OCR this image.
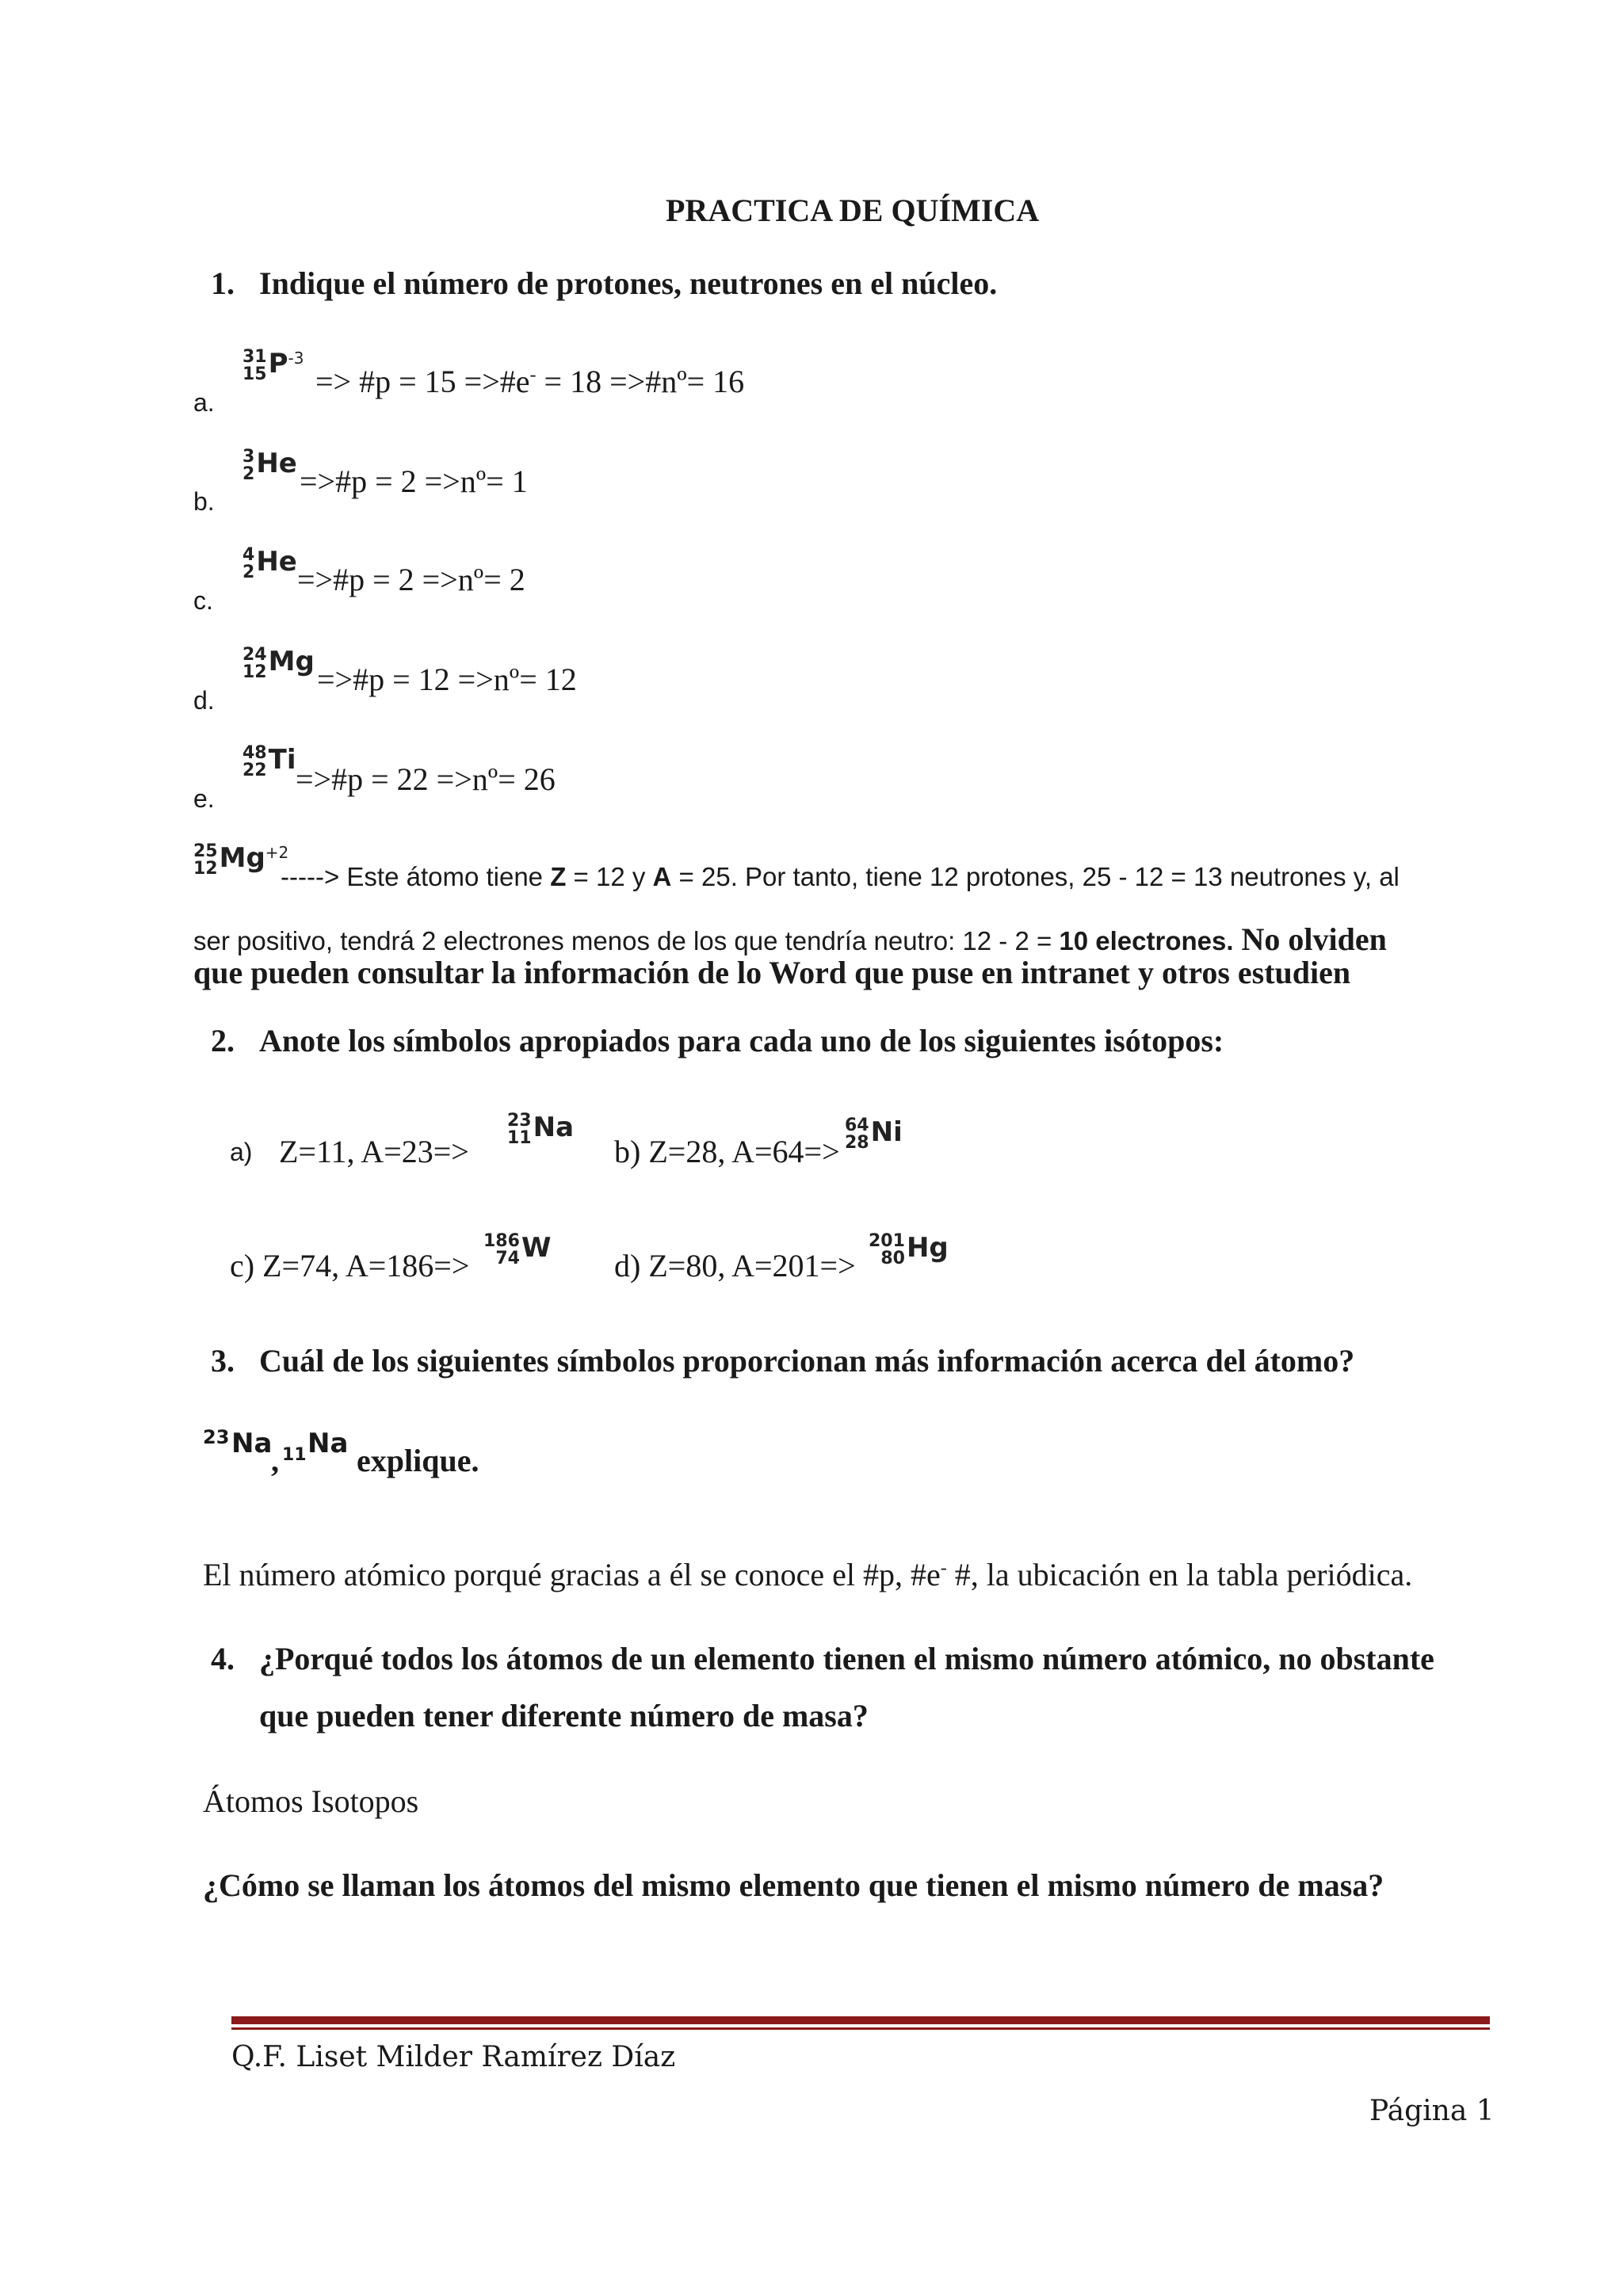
PRACTICA DE QUÍMICA
1. Indique el número de protones, neutrones en el núcleo.
a.
31
15 P-3
=> #p = 15 =>#e- = 18 =>#nº= 16
b.
3
2 He =>#p = 2 =>nº= 1
c.
4
2 He =>#p = 2 =>nº= 2
d.
24
12 Mg =>#p = 12 =>nº= 12
e.
48
22 Ti
=>#p = 22 =>nº= 26
25
12 Mg+2
-----> Este átomo tiene Z = 12 y A = 25. Por tanto, tiene 12 protones, 25 - 12 = 13 neutrones y, al
ser positivo, tendrá 2 electrones menos de los que tendría neutro: 12 - 2 = 10 electrones. No olviden
que pueden consultar la información de lo Word que puse en intranet y otros estudien
2. Anote los símbolos apropiados para cada uno de los siguientes isótopos:
a) Z=11, A=23=>
23
11 Na
b) Z=28, A=64=>
64
28 Ni
c) Z=74, A=186=>
186
74 W d) Z=80, A=201=>
201
80 Hg
3. Cuál de los siguientes símbolos proporcionan más información acerca del átomo?
23 Na
, 11 Na explique.
El número atómico porqué gracias a él se conoce el #p, #e- #, la ubicación en la tabla periódica.
4. ¿Porqué todos los átomos de un elemento tienen el mismo número atómico, no obstante
que pueden tener diferente número de masa?
Átomos Isotopos
¿Cómo se llaman los átomos del mismo elemento que tienen el mismo número de masa?
Q.F. Liset Milder Ramírez Díaz
Página 1
